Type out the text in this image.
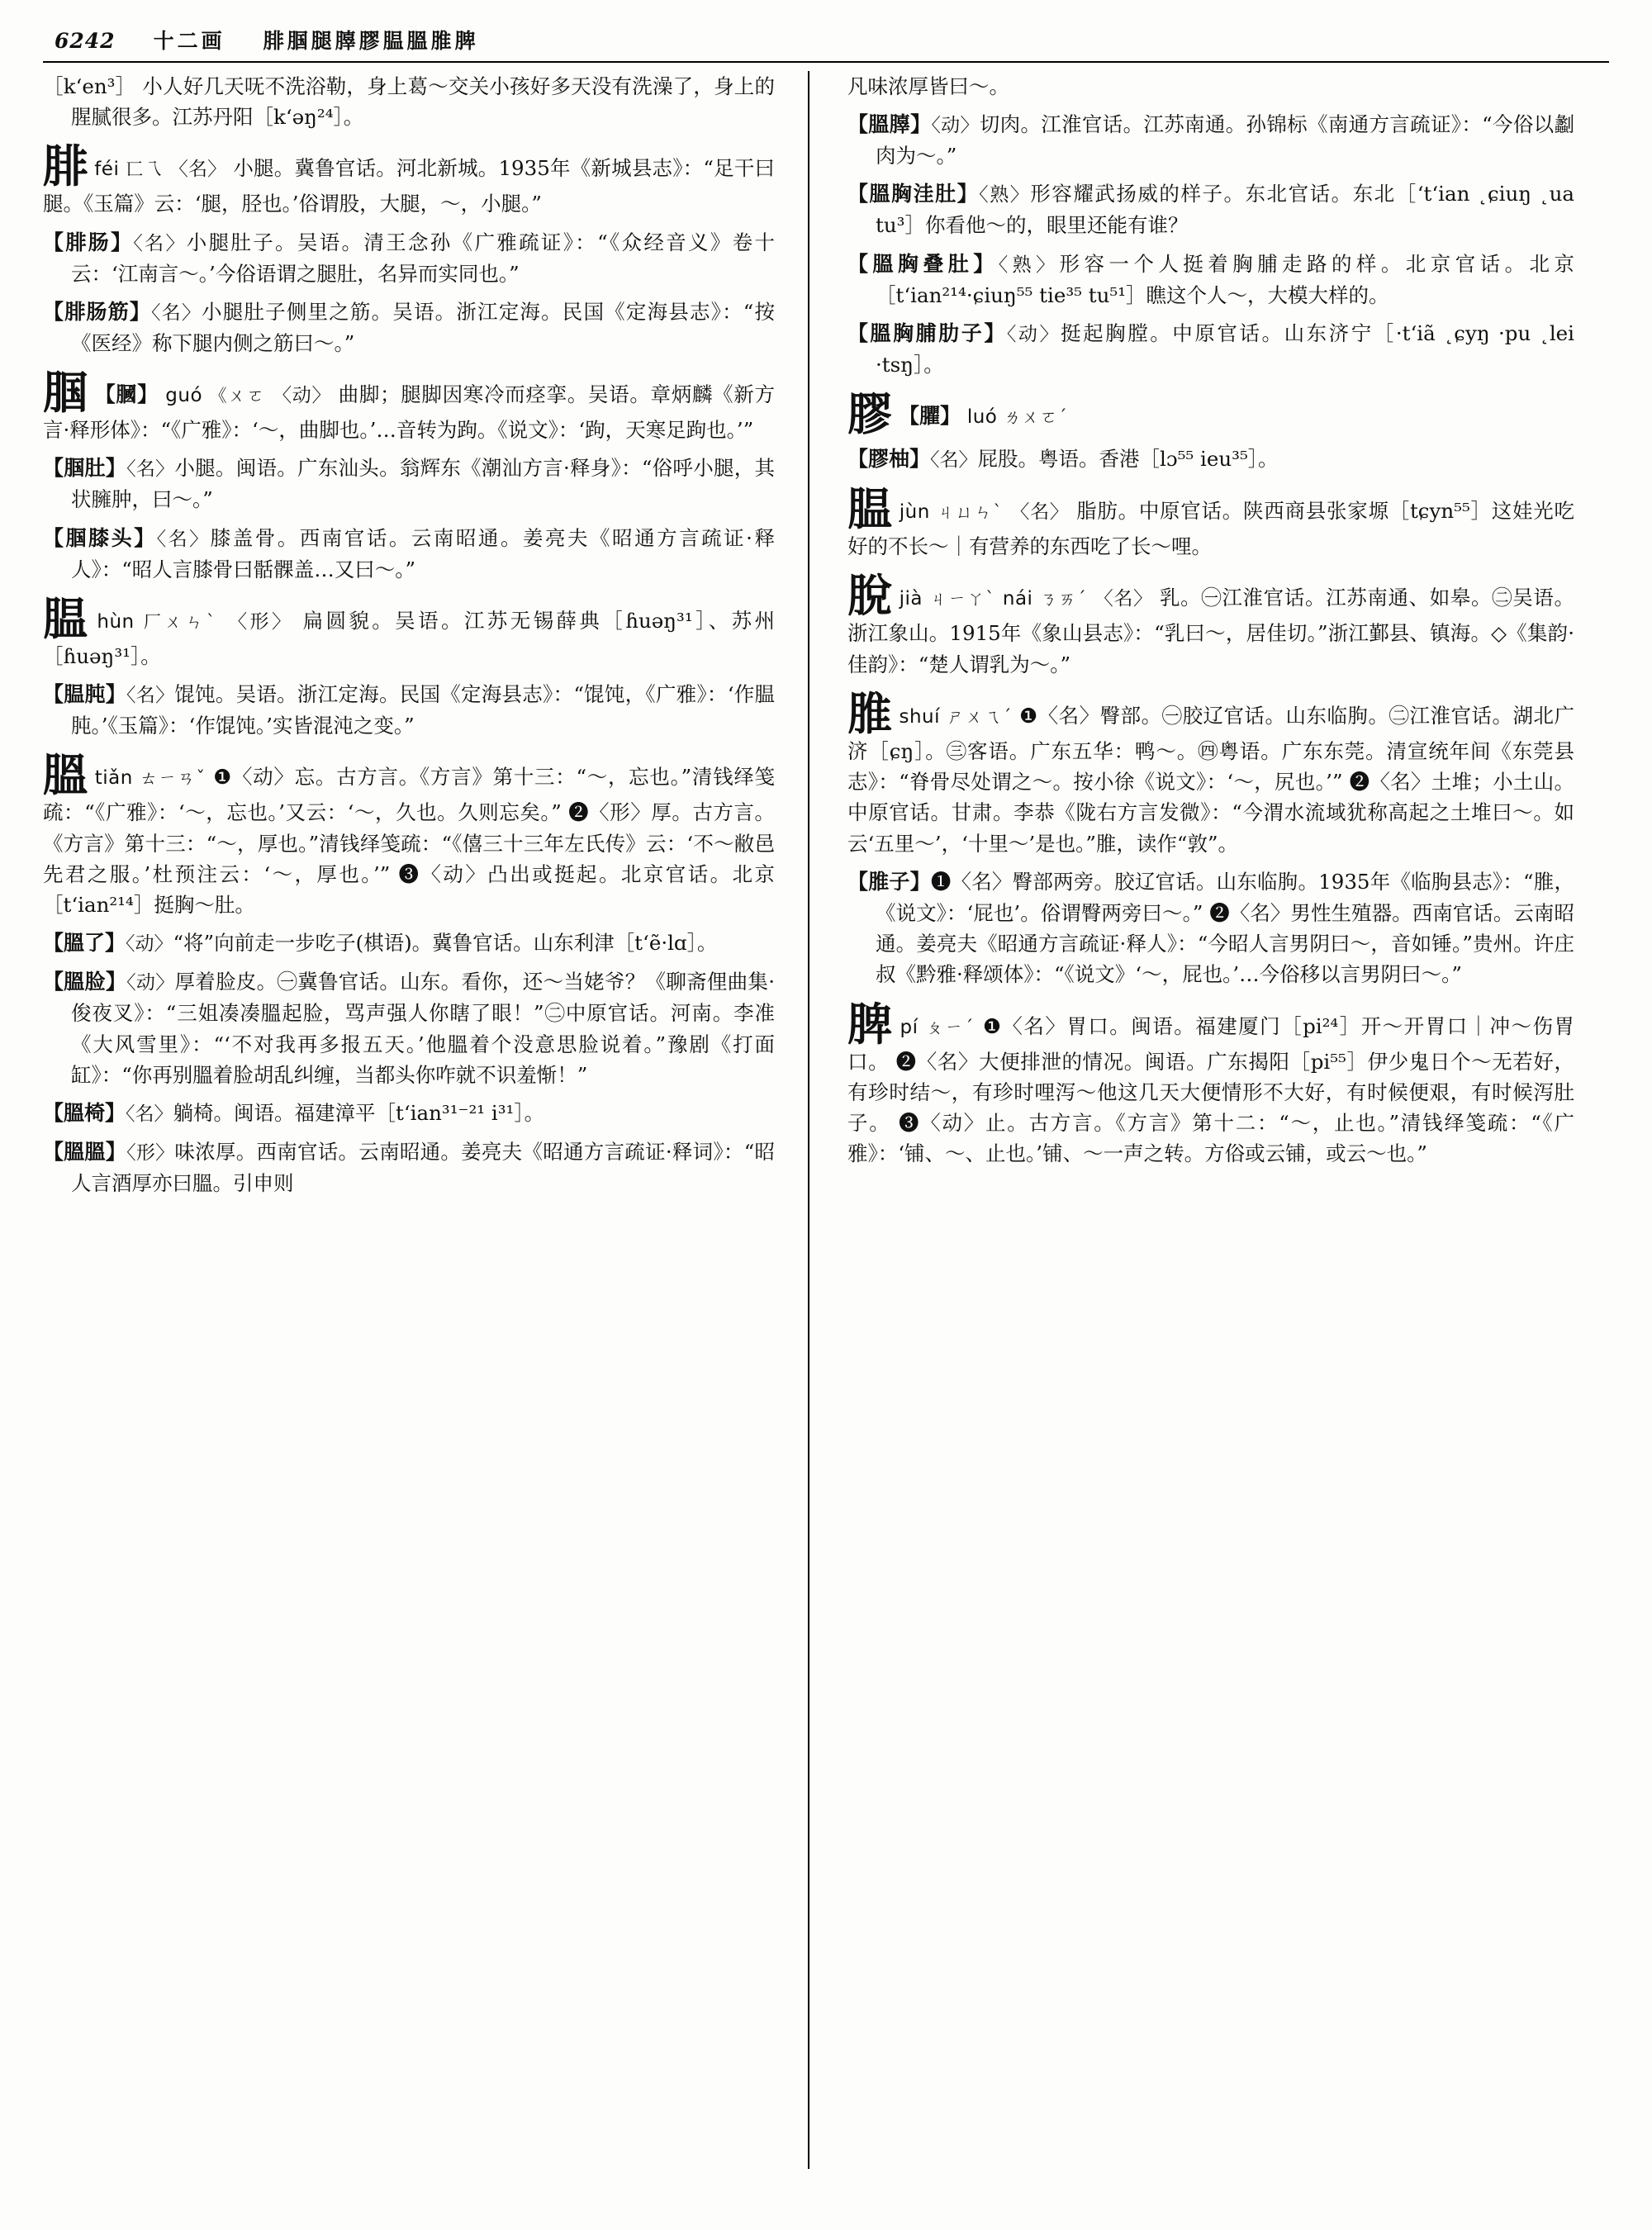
6242 十二画 腓腘腿䐻膠腽膃脽脾
［k‘en³］ 小人好几天呒不洗浴勒，身上葛～交关小孩好多天没有洗澡了，身上的腥腻很多。江苏丹阳［k‘əŋ²⁴］。
腓féi 匸乁 〈名〉 小腿。冀鲁官话。河北新城。1935年《新城县志》：“足干曰腿。《玉篇》云：‘腿，胫也。’俗谓股，大腿，～，小腿。”
【腓肠】〈名〉小腿肚子。吴语。清王念孙《广雅疏证》：“《众经音义》卷十云：‘江南言～。’今俗语谓之腿肚，名异而实同也。”
【腓肠筋】〈名〉小腿肚子侧里之筋。吴语。浙江定海。民国《定海县志》：“按《医经》称下腿内侧之筋曰～。”
腘 【膕】 guó 《ㄨㄛ 〈动〉 曲脚；腿脚因寒冷而痉挛。吴语。章炳麟《新方言·释形体》：“《广雅》：‘～，曲脚也。’…音转为跔。《说文》：‘跔，天寒足跔也。’”
【腘肚】〈名〉小腿。闽语。广东汕头。翁辉东《潮汕方言·释身》：“俗呼小腿，其状臃肿，曰～。”
【腘膝头】〈名〉膝盖骨。西南官话。云南昭通。姜亮夫《昭通方言疏证·释人》：“昭人言膝骨曰䯏髁盖…又曰～。”
腽hùn 厂ㄨㄣˋ 〈形〉 扁圆貌。吴语。江苏无锡薛典［ɦuəŋ³¹］、苏州［ɦuəŋ³¹］。
【腽肫】〈名〉馄饨。吴语。浙江定海。民国《定海县志》：“馄饨，《广雅》：‘作腽肫。’《玉篇》：‘作馄饨。’实皆混沌之变。”
膃tiǎn ㄊㄧㄢˇ ❶〈动〉忘。古方言。《方言》第十三：“～，忘也。”清钱绎笺疏：“《广雅》：‘～，忘也。’又云：‘～，久也。久则忘矣。” ❷〈形〉厚。古方言。《方言》第十三：“～，厚也。”清钱绎笺疏：“《僖三十三年左氏传》云：‘不～敝邑先君之服。’杜预注云：‘～，厚也。’” ❸〈动〉凸出或挺起。北京官话。北京［t‘ian²¹⁴］挺胸～肚。
【膃了】〈动〉“将”向前走一步吃子(棋语)。冀鲁官话。山东利津［t‘ẽ·lɑ］。
【膃脸】〈动〉厚着脸皮。㊀冀鲁官话。山东。看你，还～当姥爷？《聊斋俚曲集·俊夜叉》：“三姐凑凑膃起脸，骂声强人你瞎了眼！”㊁中原官话。河南。李准《大风雪里》：“‘不对我再多报五天。’他膃着个没意思脸说着。”豫剧《打面缸》：“你再别膃着脸胡乱纠缠，当都头你咋就不识羞惭！”
【膃椅】〈名〉躺椅。闽语。福建漳平［t‘ian³¹⁻²¹ i³¹］。
【膃膃】〈形〉味浓厚。西南官话。云南昭通。姜亮夫《昭通方言疏证·释词》：“昭人言酒厚亦曰膃。引申则
凡味浓厚皆曰～。
【膃䐻】〈动〉切肉。江淮官话。江苏南通。孙锦标《南通方言疏证》：“今俗以劙肉为～。”
【膃胸洼肚】〈熟〉形容耀武扬威的样子。东北官话。东北［‘t‘ian ˛ɕiuŋ ˛ua tu³］你看他～的，眼里还能有谁？
【膃胸叠肚】〈熟〉形容一个人挺着胸脯走路的样。北京官话。北京［t‘ian²¹⁴·ɕiuŋ⁵⁵ tie³⁵ tu⁵¹］瞧这个人～，大模大样的。
【膃胸脯肋子】〈动〉挺起胸膛。中原官话。山东济宁［·t‘iã ˛ɕyŋ ·pu ˛lei ·tsŋ］。
膠 【臞】 luó ㄌㄨㄛˊ
【膠柚】〈名〉屁股。粤语。香港［lɔ⁵⁵ ieu³⁵］。
腽jùn ㄐㄩㄣˋ 〈名〉 脂肪。中原官话。陕西商县张家塬［tɕyn⁵⁵］这娃光吃好的不长～｜有营养的东西吃了长～哩。
脫jià ㄐㄧㄚˋ nái ㄋㄞˊ 〈名〉 乳。㊀江淮官话。江苏南通、如皋。㊁吴语。浙江象山。1915年《象山县志》：“乳曰～，居佳切。”浙江鄞县、镇海。◇《集韵·佳韵》：“楚人谓乳为～。”
脽shuí ㄕㄨㄟˊ ❶〈名〉臀部。㊀胶辽官话。山东临朐。㊁江淮官话。湖北广济［ɕŋ］。㊂客语。广东五华：鸭～。㊃粤语。广东东莞。清宣统年间《东莞县志》：“脊骨尽处谓之～。按小徐《说文》：‘～，尻也。’” ❷〈名〉土堆；小土山。中原官话。甘肃。李恭《陇右方言发微》：“今渭水流域犹称高起之土堆曰～。如云‘五里～’，‘十里～’是也。”脽，读作“敦”。
【脽子】❶〈名〉臀部两旁。胶辽官话。山东临朐。1935年《临朐县志》：“脽，《说文》：‘屁也’。俗谓臀两旁曰～。” ❷〈名〉男性生殖器。西南官话。云南昭通。姜亮夫《昭通方言疏证·释人》：“今昭人言男阴曰～，音如锤。”贵州。许庄叔《黔雅·释颂体》：“《说文》‘～，屁也。’…今俗移以言男阴曰～。”
脾pí ㄆㄧˊ ❶〈名〉胃口。闽语。福建厦门［pi²⁴］开～开胃口｜冲～伤胃口。 ❷〈名〉大便排泄的情况。闽语。广东揭阳［pi⁵⁵］伊少鬼日个～无若好，有珍时结～，有珍时哩泻～他这几天大便情形不大好，有时候便艰，有时候泻肚子。 ❸〈动〉止。古方言。《方言》第十二：“～，止也。”清钱绎笺疏：“《广雅》：‘铺、～、止也。’铺、～一声之转。方俗或云铺，或云～也。”
